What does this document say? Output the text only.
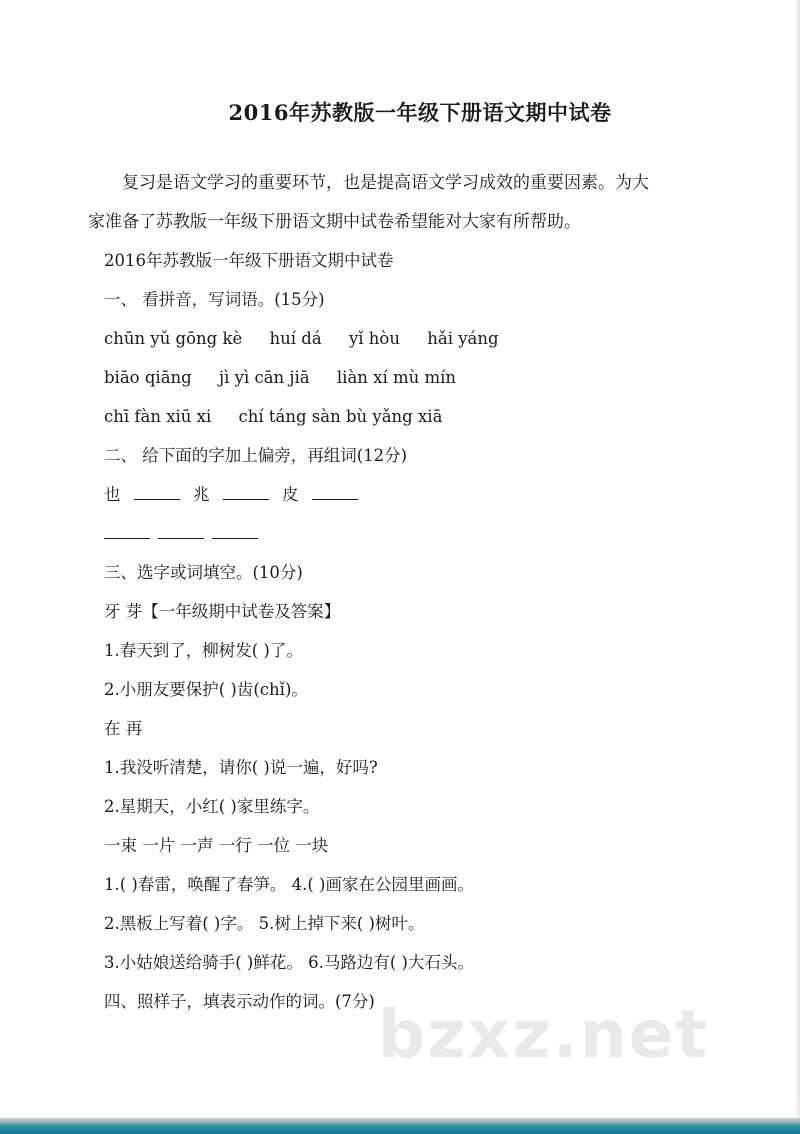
2016年苏教版一年级下册语文期中试卷
复习是语文学习的重要环节，也是提高语文学习成效的重要因素。为大
家准备了苏教版一年级下册语文期中试卷希望能对大家有所帮助。
2016年苏教版一年级下册语文期中试卷
一、 看拼音，写词语。(15分)
chūn yǔ gōng kè huí dá yǐ hòu hǎi yáng
biāo qiāng jì yì cān jiā liàn xí mù mín
chī fàn xiū xi chí táng sàn bù yǎng xiā
二、 给下面的字加上偏旁，再组词(12分)
也	兆	皮
三、选字或词填空。(10分)
牙 芽【一年级期中试卷及答案】
1.春天到了，柳树发( )了。
2.小朋友要保护( )齿(chǐ)。
在 再
1.我没听清楚，请你( )说一遍，好吗?
2.星期天，小红( )家里练字。
一束 一片 一声 一行 一位 一块
1.( )春雷，唤醒了春笋。 4.( )画家在公园里画画。
2.黑板上写着( )字。 5.树上掉下来( )树叶。
3.小姑娘送给骑手( )鲜花。 6.马路边有( )大石头。
四、照样子，填表示动作的词。(7分) bzxz.net
